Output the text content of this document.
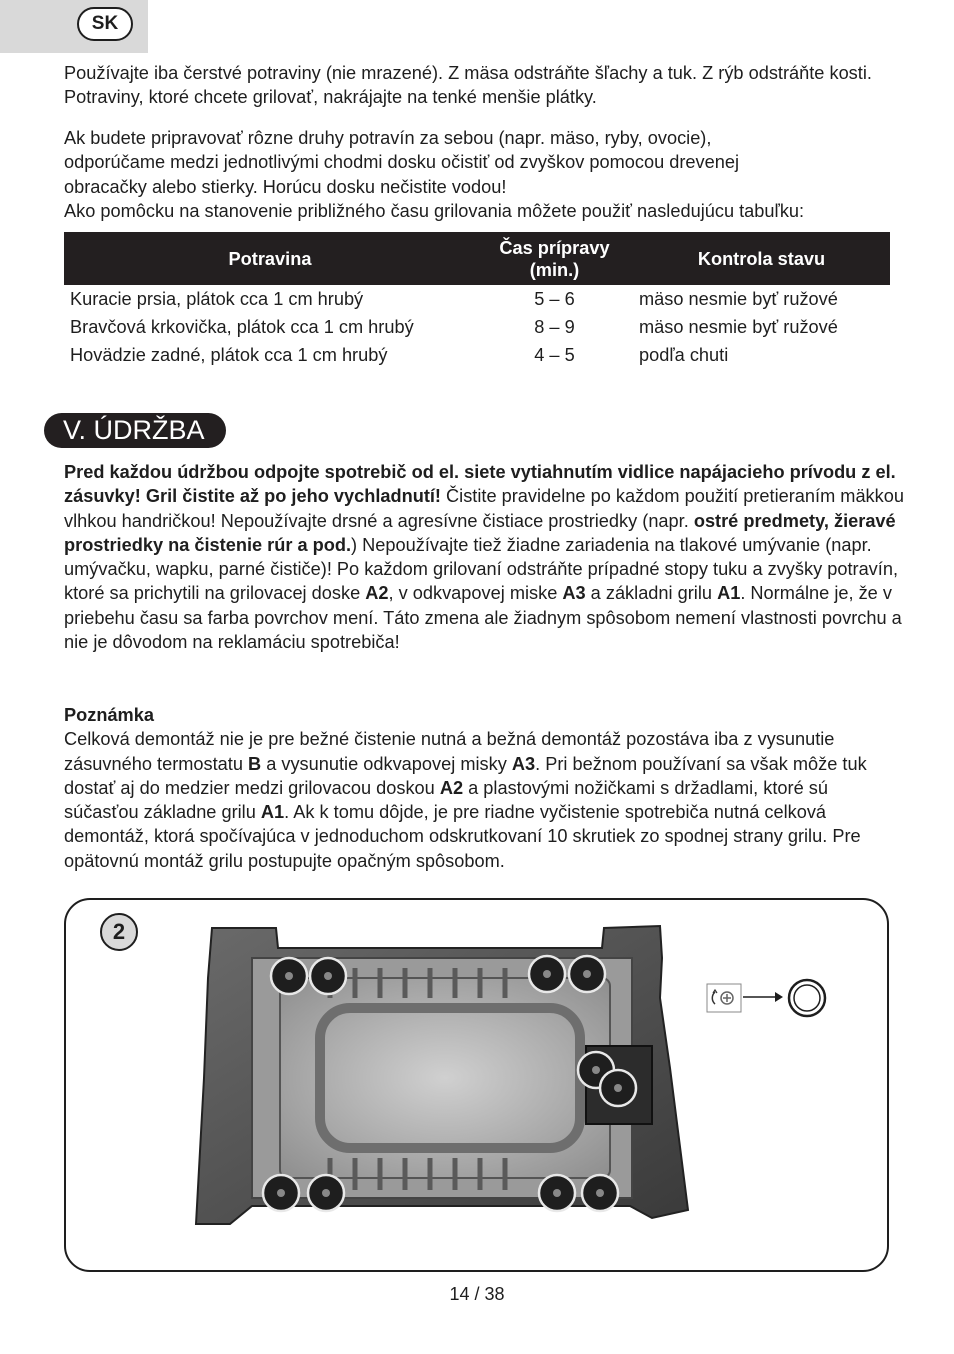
SK

Používajte iba čerstvé potraviny (nie mrazené). Z mäsa odstráňte šľachy a tuk. Z rýb odstráňte kosti. Potraviny, ktoré chcete grilovať, nakrájajte na tenké menšie plátky.

Ak budete pripravovať rôzne druhy potravín za sebou (napr. mäso, ryby, ovocie),
odporúčame medzi jednotlivými chodmi dosku očistiť od zvyškov pomocou drevenej
obracačky alebo stierky. Horúcu dosku nečistite vodou!
Ako pomôcku na stanovenie približného času grilovania môžete použiť nasledujúcu tabuľku:
Potravina	Čas prípravy (min.)	Kontrola stavu
Kuracie prsia, plátok cca 1 cm hrubý	5 – 6	mäso nesmie byť ružové
Bravčová krkovička, plátok cca 1 cm hrubý	8 – 9	mäso nesmie byť ružové
Hovädzie zadné, plátok cca 1 cm hrubý	4 – 5	podľa chuti
V. ÚDRŽBA

Pred každou údržbou odpojte spotrebič od el. siete vytiahnutím vidlice napájacieho prívodu z el. zásuvky! Gril čistite až po jeho vychladnutí! Čistite pravidelne po každom použití pretieraním mäkkou vlhkou handričkou! Nepoužívajte drsné a agresívne čistiace prostriedky (napr. ostré predmety, žieravé prostriedky na čistenie rúr a pod.) Nepoužívajte tiež žiadne zariadenia na tlakové umývanie (napr. umývačku, wapku, parné čističe)! Po každom grilovaní odstráňte prípadné stopy tuku a zvyšky potravín, ktoré sa prichytili na grilovacej doske A2, v odkvapovej miske A3 a základni grilu A1. Normálne je, že v priebehu času sa farba povrchov mení. Táto zmena ale žiadnym spôsobom nemení vlastnosti povrchu a nie je dôvodom na reklamáciu spotrebiča!

Poznámka
Celková demontáž nie je pre bežné čistenie nutná a bežná demontáž pozostáva iba z vysunutie zásuvného termostatu B a vysunutie odkvapovej misky A3. Pri bežnom používaní sa však môže tuk dostať aj do medzier medzi grilovacou doskou A2 a plastovými nožičkami s držadlami, ktoré sú súčasťou základne grilu A1. Ak k tomu dôjde, je pre riadne vyčistenie spotrebiča nutná celková demontáž, ktorá spočívajúca v jednoduchom odskrutkovaní 10 skrutiek zo spodnej strany grilu. Pre opätovnú montáž grilu postupujte opačným spôsobom.

2
14 / 38
